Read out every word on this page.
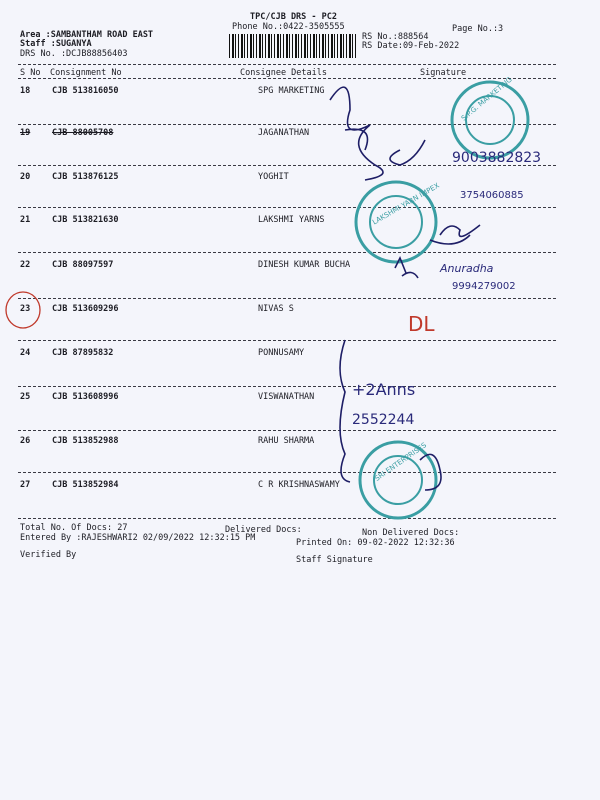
TPC/CJB DRS - PC2
Phone No.:0422-3505555
Area :SAMBANTHAM ROAD EAST
Staff :SUGANYA
DRS No. :DCJB88856403
RS No.:888564
RS Date:09-Feb-2022
Page No.:3
S No Consignment No	Consignee Details	Signature
18	CJB 513816050	SPG MARKETING
19	CJB 88005708	JAGANATHAN
20	CJB 513876125	YOGHIT
21	CJB 513821630	LAKSHMI YARNS
22	CJB 88097597	DINESH KUMAR BUCHA
23	CJB 513609296	NIVAS S
24	CJB 87895832	PONNUSAMY
25	CJB 513608996	VISWANATHAN
26	CJB 513852988	RAHU SHARMA
27	CJB 513852984	C R KRISHNASWAMY
Total No. Of Docs: 27	Delivered Docs:	Non Delivered Docs:
Entered By :RAJESHWARI2 02/09/2022 12:32:15 PM	Printed On: 09-02-2022 12:32:36
Verified By	Staff Signature
S.P.G. MARKETING
LAKSHMI YARN IMPEX
SRI ENTERPRISES
9003882823
3754060885
Anuradha
9994279002
DL
+2Anns
2552244
